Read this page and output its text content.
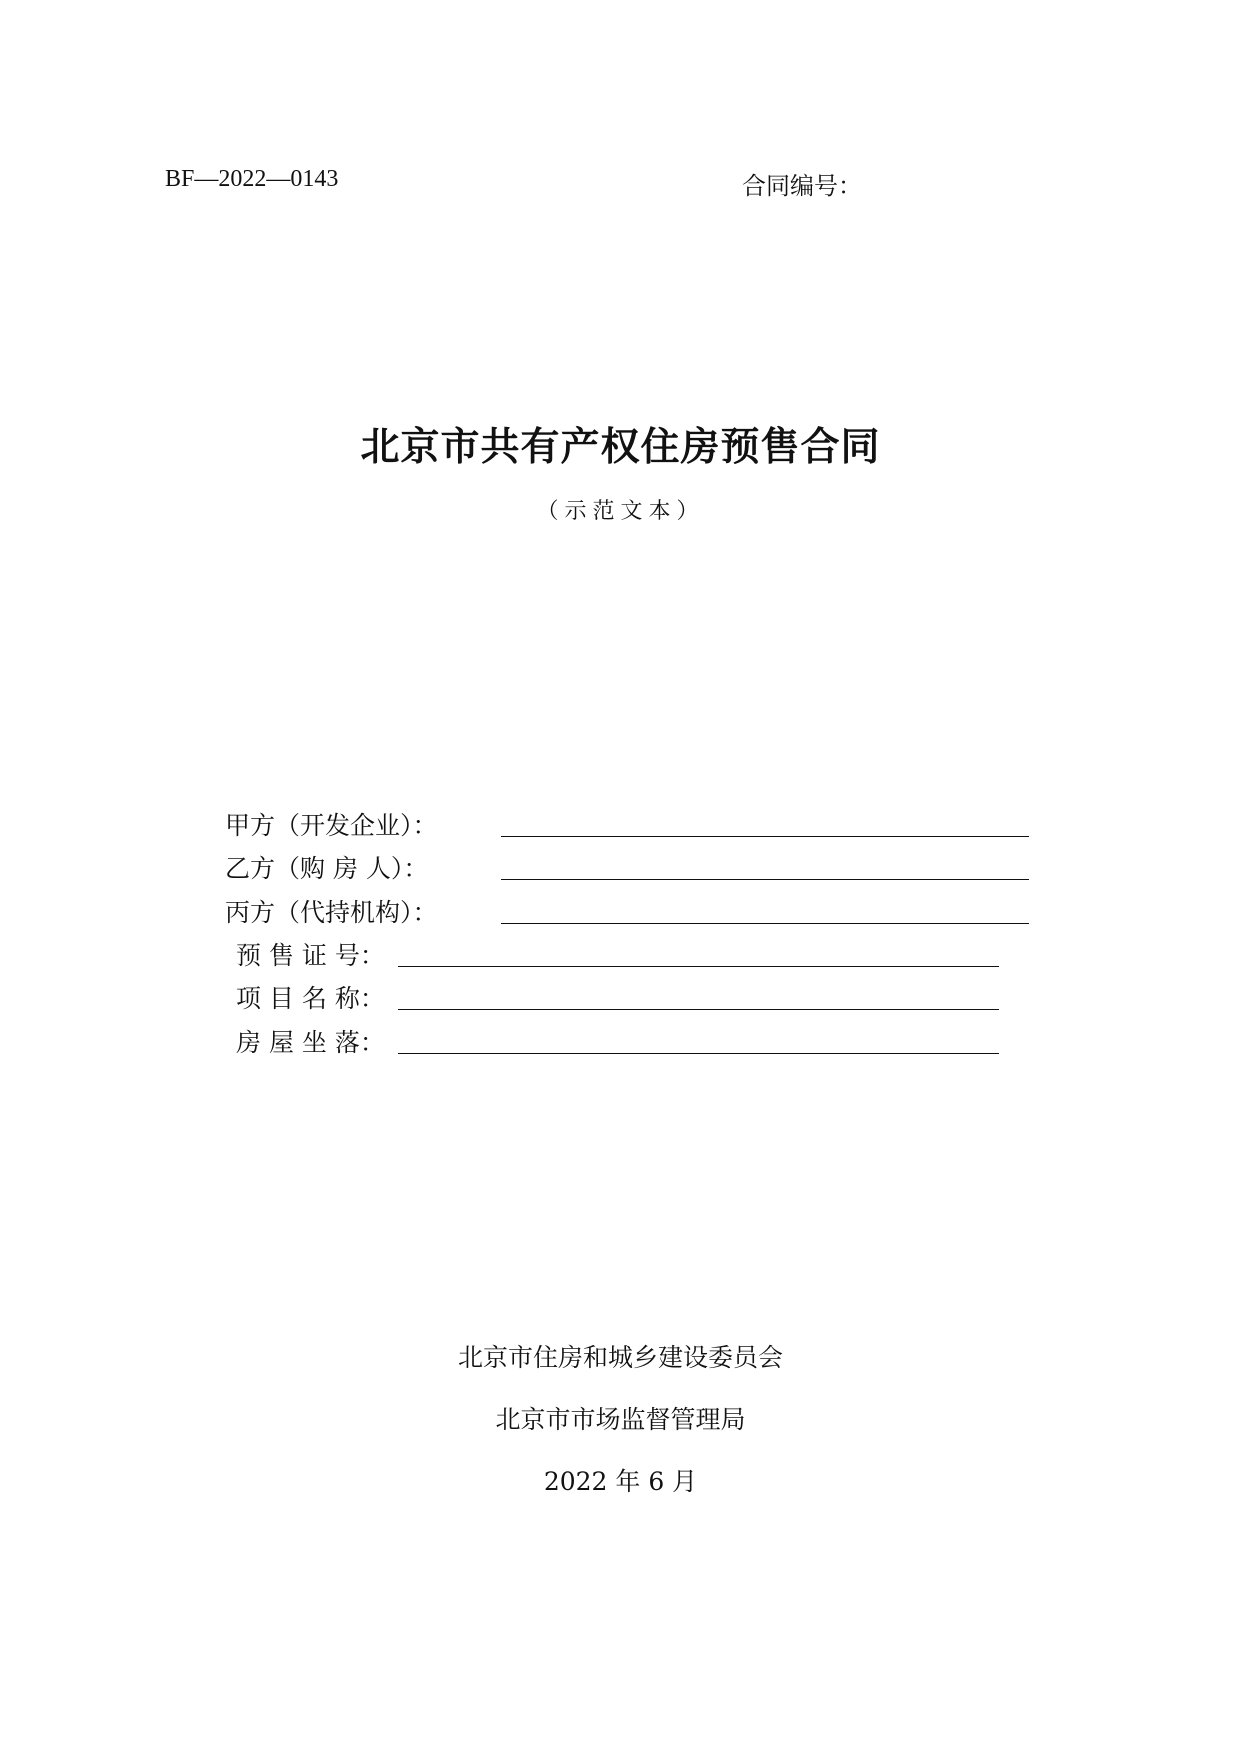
BF—2022—0143	合同编号：
北京市共有产权住房预售合同
（示范文本）
甲方（开发企业）：
乙方（购 房 人）：
丙方（代持机构）：
预 售 证 号：
项 目 名 称：
房 屋 坐 落：
北京市住房和城乡建设委员会
北京市市场监督管理局
2022 年 6 月
